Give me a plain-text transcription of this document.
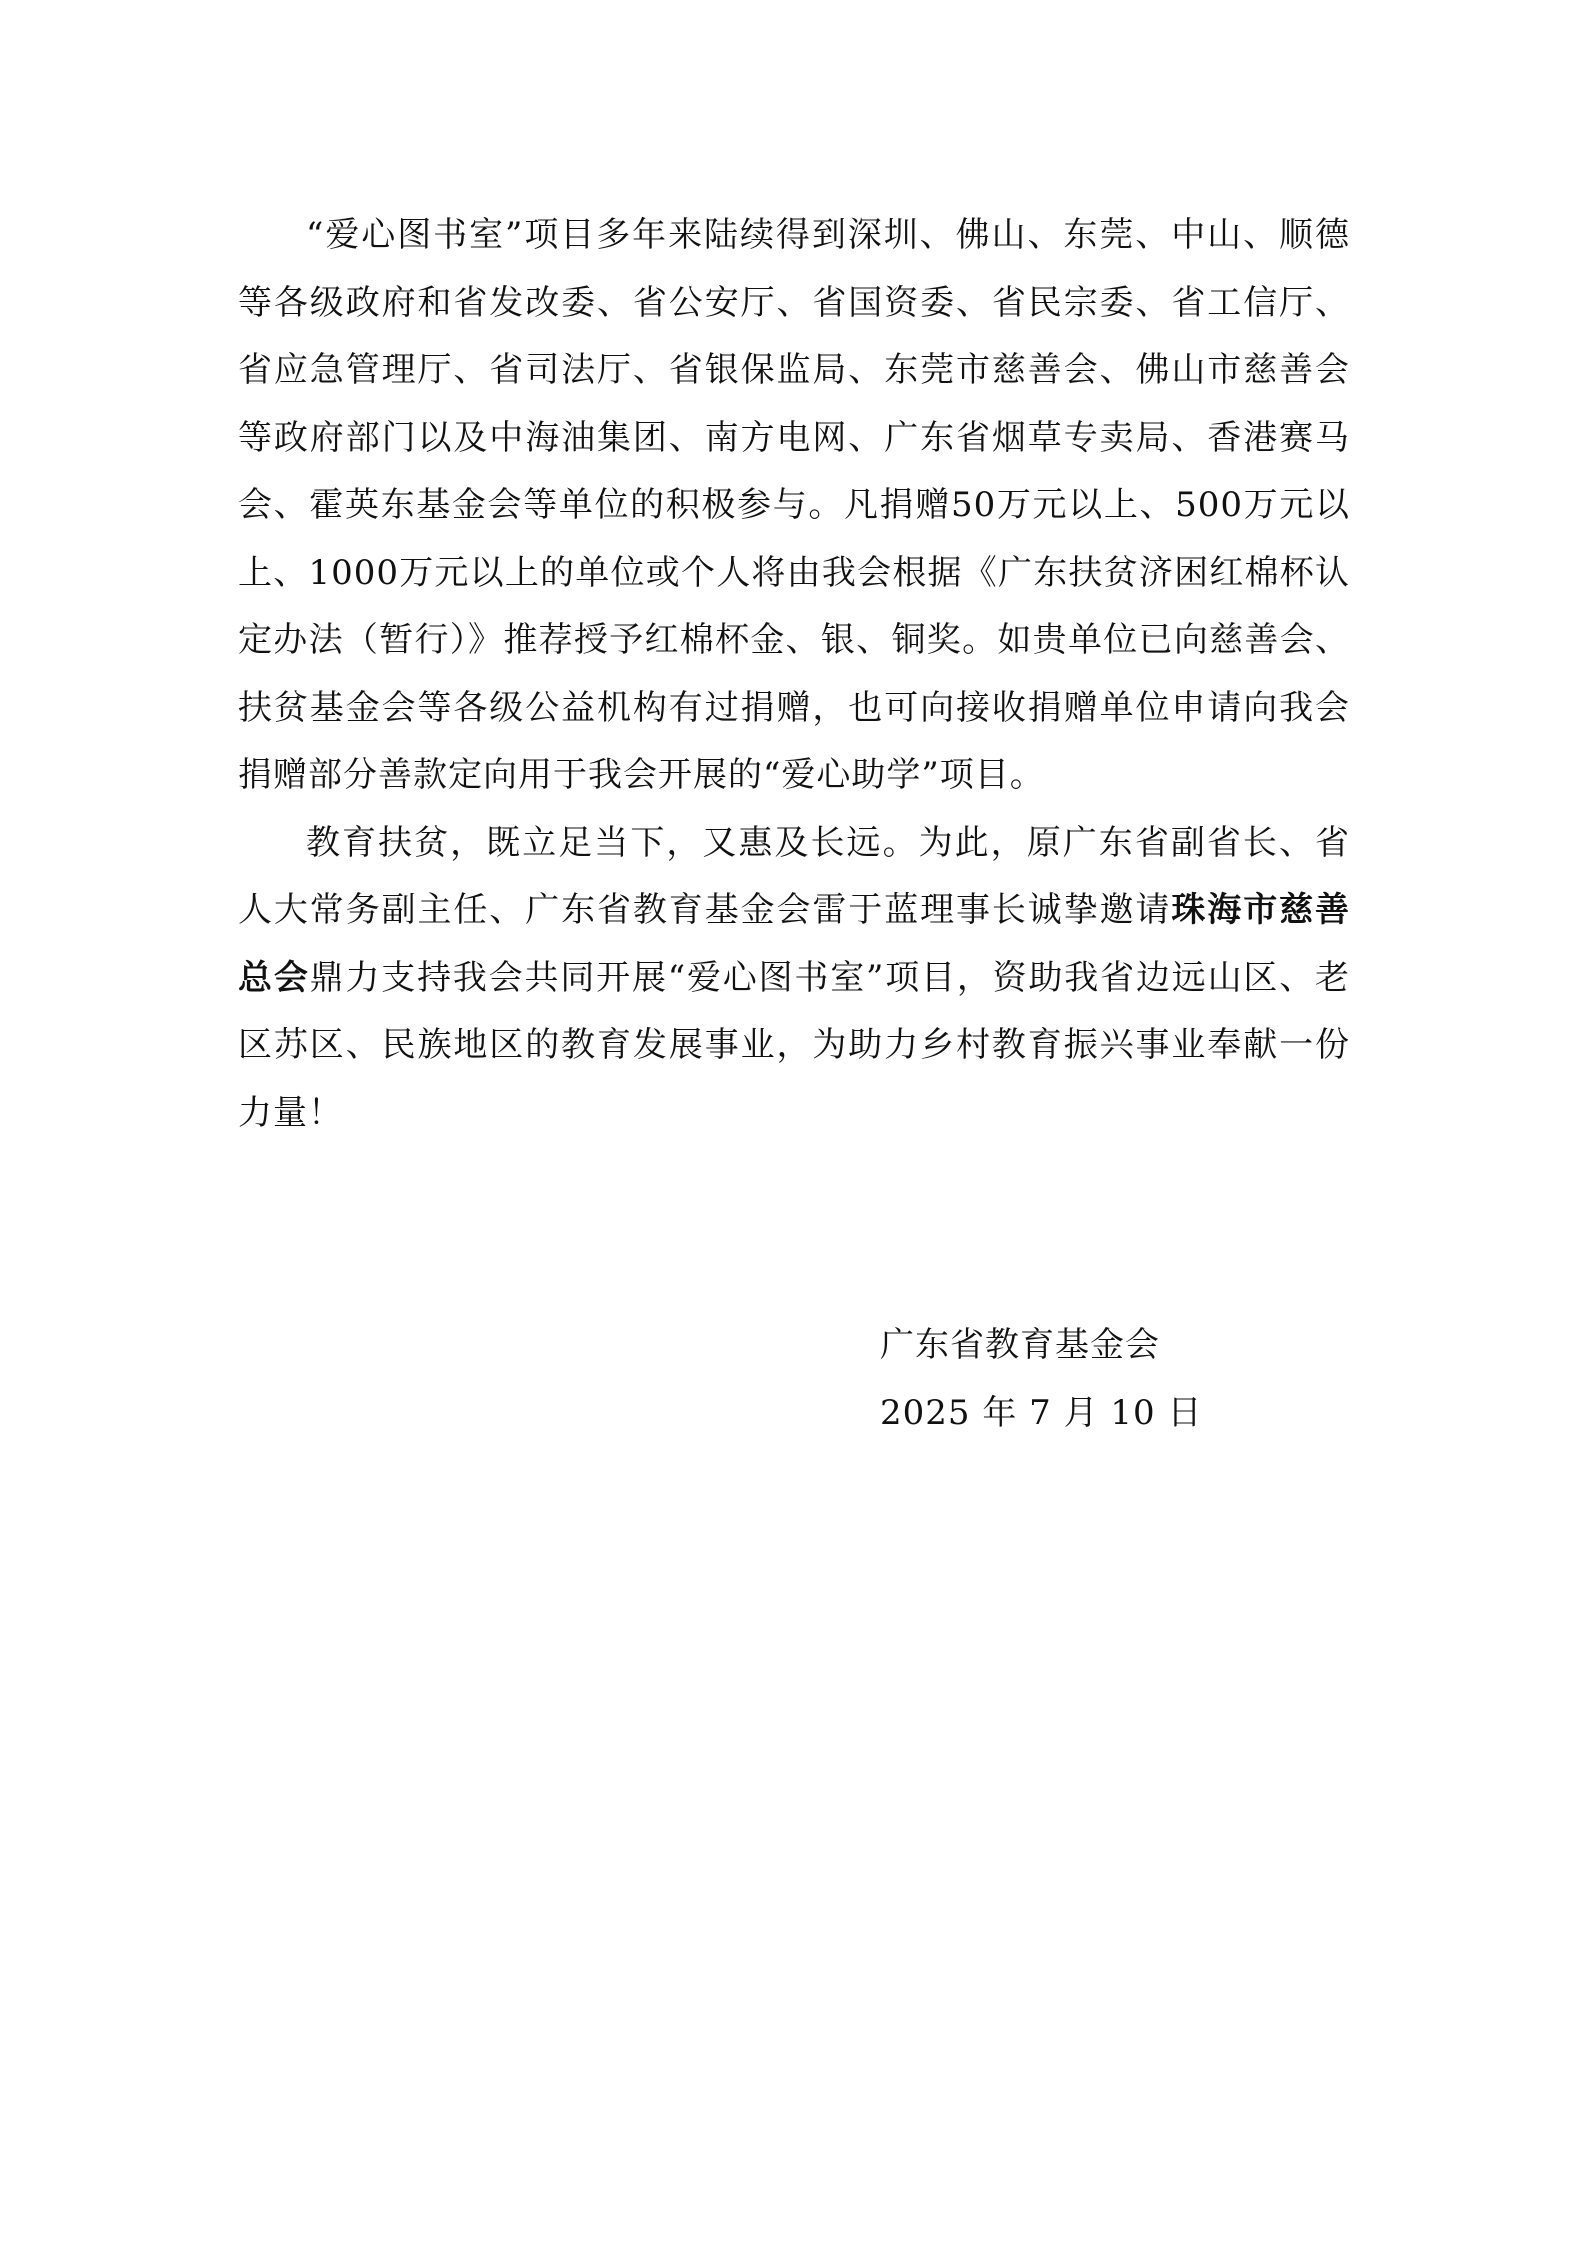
“爱心图书室”项目多年来陆续得到深圳、佛山、东莞、中山、顺德等各级政府和省发改委、省公安厅、省国资委、省民宗委、省工信厅、省应急管理厅、省司法厅、省银保监局、东莞市慈善会、佛山市慈善会等政府部门以及中海油集团、南方电网、广东省烟草专卖局、香港赛马会、霍英东基金会等单位的积极参与。凡捐赠50万元以上、500万元以上、1000万元以上的单位或个人将由我会根据《广东扶贫济困红棉杯认定办法（暂行）》推荐授予红棉杯金、银、铜奖。如贵单位已向慈善会、扶贫基金会等各级公益机构有过捐赠，也可向接收捐赠单位申请向我会捐赠部分善款定向用于我会开展的“爱心助学”项目。

教育扶贫，既立足当下，又惠及长远。为此，原广东省副省长、省人大常务副主任、广东省教育基金会雷于蓝理事长诚挚邀请珠海市慈善总会鼎力支持我会共同开展“爱心图书室”项目，资助我省边远山区、老区苏区、民族地区的教育发展事业，为助力乡村教育振兴事业奉献一份力量！

广东省教育基金会
2025 年 7 月 10 日
